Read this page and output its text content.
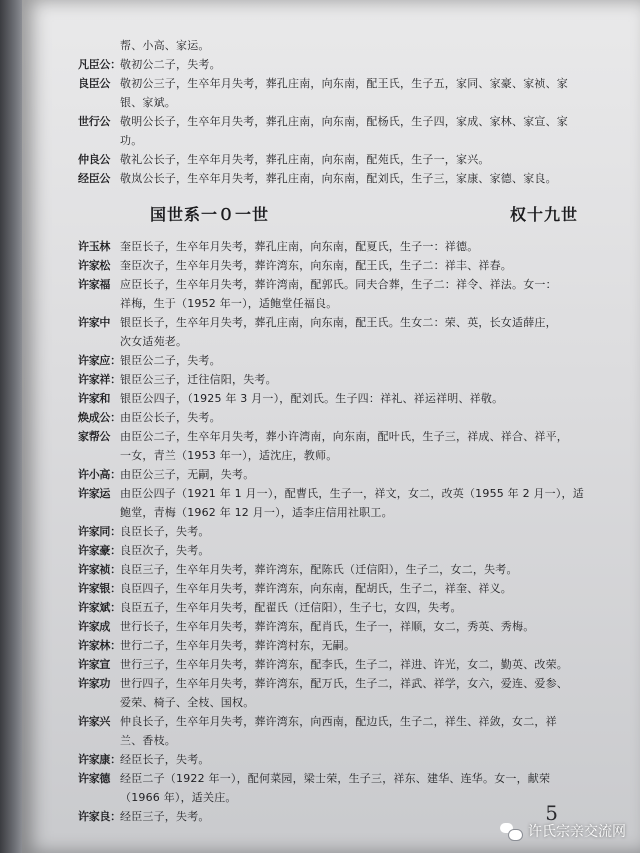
帮、小高、家运。
凡臣公： 敬初公二子，失考。
良臣公 敬初公三子，生卒年月失考，葬孔庄南，向东南，配王氏，生子五，家同、家豪、家祯、家
银、家斌。
世行公 敬明公长子，生卒年月失考，葬孔庄南，向东南，配杨氏，生子四，家成、家林、家宣、家
功。
仲良公 敬礼公长子，生卒年月失考，葬孔庄南，向东南，配苑氏，生子一，家兴。
经臣公 敬岚公长子，生卒年月失考，葬孔庄南，向东南，配刘氏，生子三，家康、家德、家良。
国世系一０一世	权十九世
许玉林 奎臣长子，生卒年月失考，葬孔庄南，向东南，配夏氏，生子一：祥德。
许家松 奎臣次子，生卒年月失考，葬许湾东，向东南，配王氏，生子二：祥丰、祥春。
许家福 应臣长子，生卒年月失考，葬许湾南，配郭氏。同夫合葬，生子二：祥令、祥法。女一：
祥梅，生于（1952 年一），适鲍堂任福良。
许家中 银臣长子，生卒年月失考，葬孔庄南，向东南，配王氏。生女二：荣、英，长女适薛庄，
次女适苑老。
许家应： 银臣公二子，失考。
许家祥： 银臣公三子，迁往信阳，失考。
许家和 银臣公四子，（1925 年 3 月一），配刘氏。生子四：祥礼、祥运祥明、祥敬。
焕成公： 由臣公长子，失考。
家帮公 由臣公二子，生卒年月失考，葬小许湾南，向东南，配叶氏，生子三，祥成、祥合、祥平，
一女，青兰（1953 年一），适沈庄，教师。
许小高： 由臣公三子，无嗣，失考。
许家运 由臣公四子（1921 年 1 月一），配曹氏，生子一，祥文，女二，改英（1955 年 2 月一），适
鲍堂，青梅（1962 年 12 月一），适李庄信用社职工。
许家同： 良臣长子，失考。
许家豪： 良臣次子，失考。
许家祯： 良臣三子，生卒年月失考，葬许湾东，配陈氏（迁信阳），生子二，女二，失考。
许家银： 良臣四子，生卒年月失考，葬许湾东，向东南，配胡氏，生子二，祥奎、祥义。
许家斌： 良臣五子，生卒年月失考，配翟氏（迁信阳），生子七，女四，失考。
许家成 世行长子，生卒年月失考，葬许湾东，配肖氏，生子一，祥顺，女二，秀英、秀梅。
许家林： 世行二子，生卒年月失考，葬许湾村东，无嗣。
许家宣 世行三子，生卒年月失考，葬许湾东，配李氏，生子二，祥进、许光，女二，勤英、改荣。
许家功 世行四子，生卒年月失考，葬许湾东，配万氏，生子二，祥武、祥学，女六，爱连、爱参、
爱荣、椅子、全枝、国权。
许家兴 仲良长子，生卒年月失考，葬许湾东，向西南，配边氏，生子二，祥生、祥敛，女二，祥
兰、香枝。
许家康： 经臣长子，失考。
许家德 经臣二子（1922 年一），配何菜园，梁士荣，生子三，祥东、建华、连华。女一，献荣
（1966 年），适关庄。
许家良： 经臣三子，失考。	5
许氏宗亲交流网
